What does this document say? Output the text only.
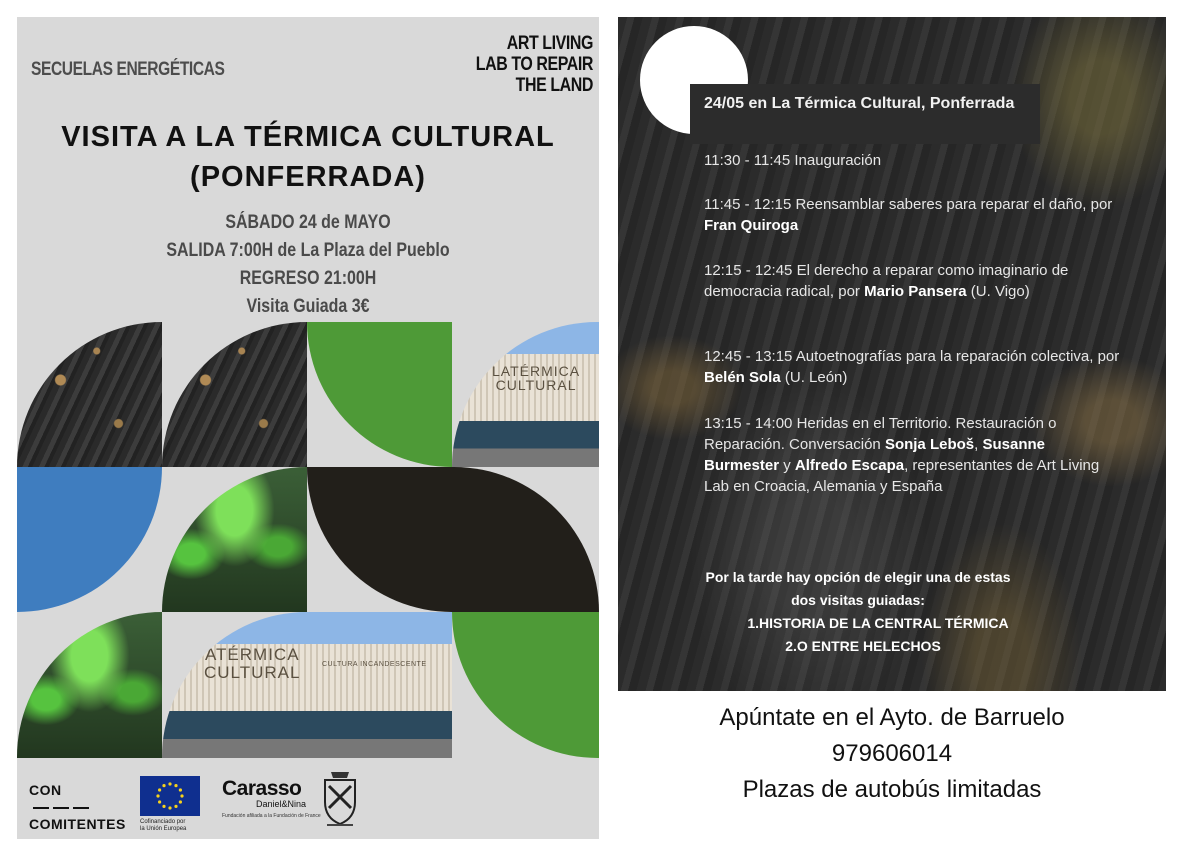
SECUELAS ENERGÉTICAS
ART LIVING
LAB TO REPAIR
THE LAND
VISITA A LA TÉRMICA CULTURAL
(PONFERRADA)
SÁBADO 24 de MAYO
SALIDA 7:00H de La Plaza del Pueblo
REGRESO 21:00H
Visita Guiada 3€
LATÉRMICA
CULTURAL
ATÉRMICA
CULTURAL	CULTURA INCANDESCENTE
CON
COMITENTES Cofinanciado por
la Unión Europea
Carasso
Daniel&Nina
Fundación afiliada a la Fundación de France
24/05 en La Térmica Cultural, Ponferrada
11:30 - 11:45 Inauguración
11:45 - 12:15 Reensamblar saberes para reparar el daño, por Fran Quiroga
12:15 - 12:45 El derecho a reparar como imaginario de democracia radical, por Mario Pansera (U. Vigo)
12:45 - 13:15 Autoetnografías para la reparación colectiva, por Belén Sola (U. León)
13:15 - 14:00 Heridas en el Territorio. Restauración o Reparación. Conversación Sonja Leboš, Susanne Burmester y Alfredo Escapa, representantes de Art Living Lab en Croacia, Alemania y España
Por la tarde hay opción de elegir una de estas
dos visitas guiadas:
1.HISTORIA DE LA CENTRAL TÉRMICA
2.O ENTRE HELECHOS
Apúntate en el Ayto. de Barruelo
979606014
Plazas de autobús limitadas
